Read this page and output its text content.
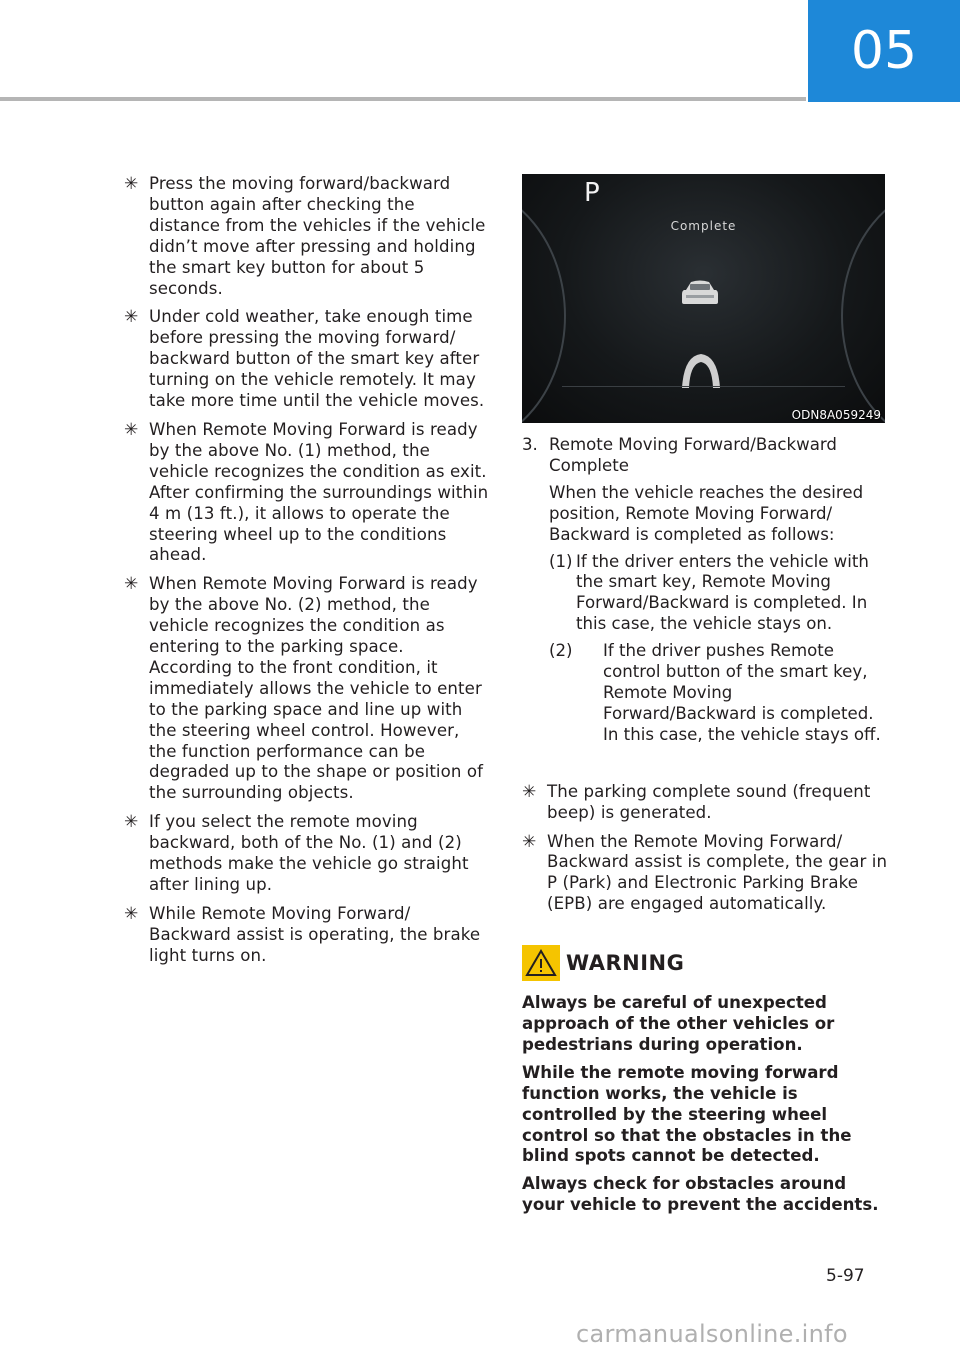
05
✳ Press the moving forward/backward button again after checking the distance from the vehicles if the vehicle didn’t move after pressing and holding the smart key button for about 5 seconds.
✳ Under cold weather, take enough time before pressing the moving forward/ backward button of the smart key after turning on the vehicle remotely. It may take more time until the vehicle moves.
✳ When Remote Moving Forward is ready by the above No. (1) method, the vehicle recognizes the condition as exit. After confirming the surroundings within 4 m (13 ft.), it allows to operate the steering wheel up to the conditions ahead.
✳ When Remote Moving Forward is ready by the above No. (2) method, the vehicle recognizes the condition as entering to the parking space. According to the front condition, it immediately allows the vehicle to enter to the parking space and line up with the steering wheel control. However, the function performance can be degraded up to the shape or position of the surrounding objects.
✳ If you select the remote moving backward, both of the No. (1) and (2) methods make the vehicle go straight after lining up.
✳ While Remote Moving Forward/ Backward assist is operating, the brake light turns on.
P
Complete
ODN8A059249
3. Remote Moving Forward/Backward Complete

When the vehicle reaches the desired position, Remote Moving Forward/ Backward is completed as follows:

(1) If the driver enters the vehicle with the smart key, Remote Moving Forward/Backward is completed. In this case, the vehicle stays on.
(2) If the driver pushes Remote control button of the smart key, Remote Moving Forward/Backward is completed. In this case, the vehicle stays off.
✳ The parking complete sound (frequent beep) is generated.
✳ When the Remote Moving Forward/ Backward assist is complete, the gear in P (Park) and Electronic Parking Brake (EPB) are engaged automatically.
WARNING

Always be careful of unexpected approach of the other vehicles or pedestrians during operation.

While the remote moving forward function works, the vehicle is controlled by the steering wheel control so that the obstacles in the blind spots cannot be detected.

Always check for obstacles around your vehicle to prevent the accidents.

5-97
carmanualsonline.info
